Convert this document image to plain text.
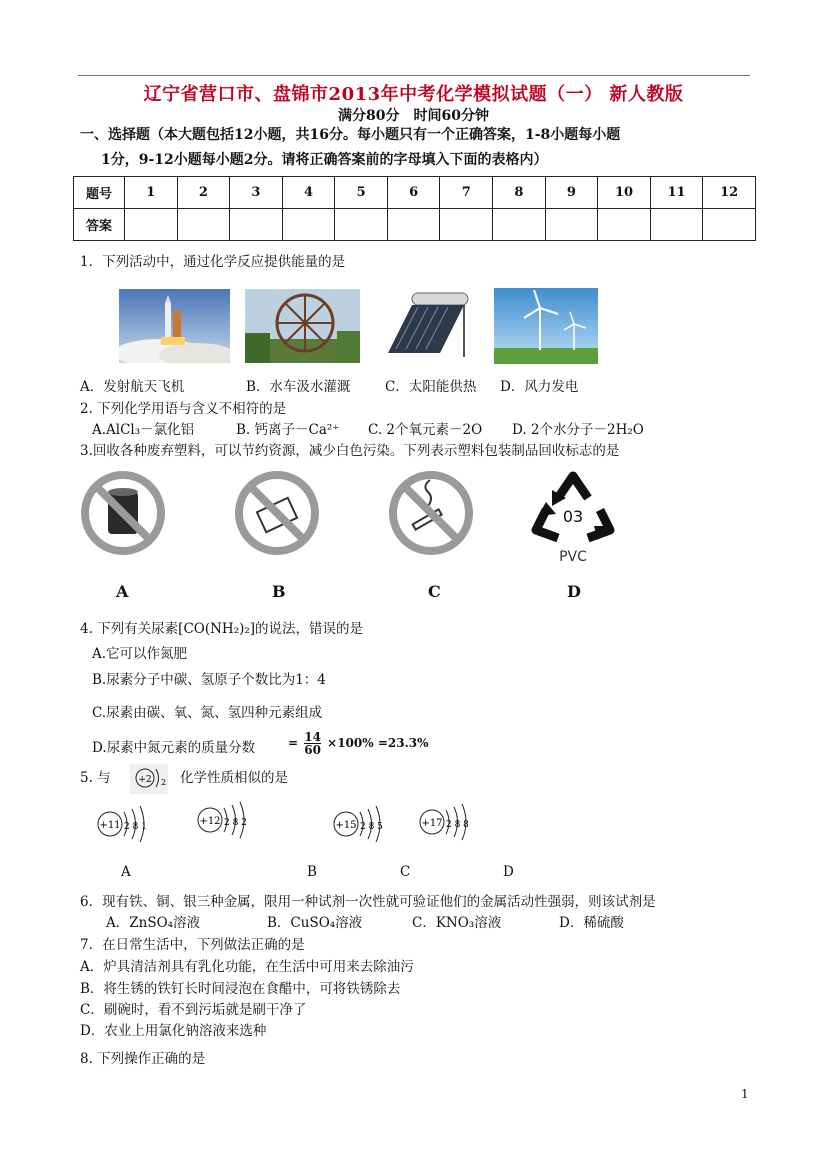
辽宁省营口市、盘锦市2013年中考化学模拟试题（一） 新人教版
满分80分　时间60分钟
一、选择题（本大题包括12小题，共16分。每小题只有一个正确答案，1-8小题每小题
1分，9-12小题每小题2分。请将正确答案前的字母填入下面的表格内）
题号	1	2	3	4	5	6	7	8	9	10	11	12
答案												
1．下列活动中，通过化学反应提供能量的是
A．发射航天飞机	B．水车汲水灌溉	C．太阳能供热 D．风力发电
2. 下列化学用语与含义不相符的是
A.AlCl₃－氯化铝	B. 钙离子－Ca²⁺ C. 2个氧元素－2O D. 2个水分子－2H₂O
3.回收各种废弃塑料，可以节约资源，减少白色污染。下列表示塑料包装制品回收标志的是
03
PVC
A	B	C	D
4. 下列有关尿素[CO(NH₂)₂]的说法，错误的是
A.它可以作氮肥
B.尿素分子中碳、氢原子个数比为1：4
C.尿素由碳、氧、氮、氢四种元素组成
D.尿素中氮元素的质量分数	= $\frac{14}{60} \times 100\% =23.3\%$
5. 与	+2 2 化学性质相似的是
+11 2 8 1	+12 2 8 2	+15 2 8 5	+17 2 8 8
A	B	C	D
6．现有铁、铜、银三种金属，限用一种试剂一次性就可验证他们的金属活动性强弱，则该试剂是
A．ZnSO₄溶液	B．CuSO₄溶液	C．KNO₃溶液	D．稀硫酸
7．在日常生活中，下列做法正确的是
A．炉具清洁剂具有乳化功能，在生活中可用来去除油污
B．将生锈的铁钉长时间浸泡在食醋中，可将铁锈除去
C．刷碗时，看不到污垢就是刷干净了
D．农业上用氯化钠溶液来选种
8. 下列操作正确的是
1
